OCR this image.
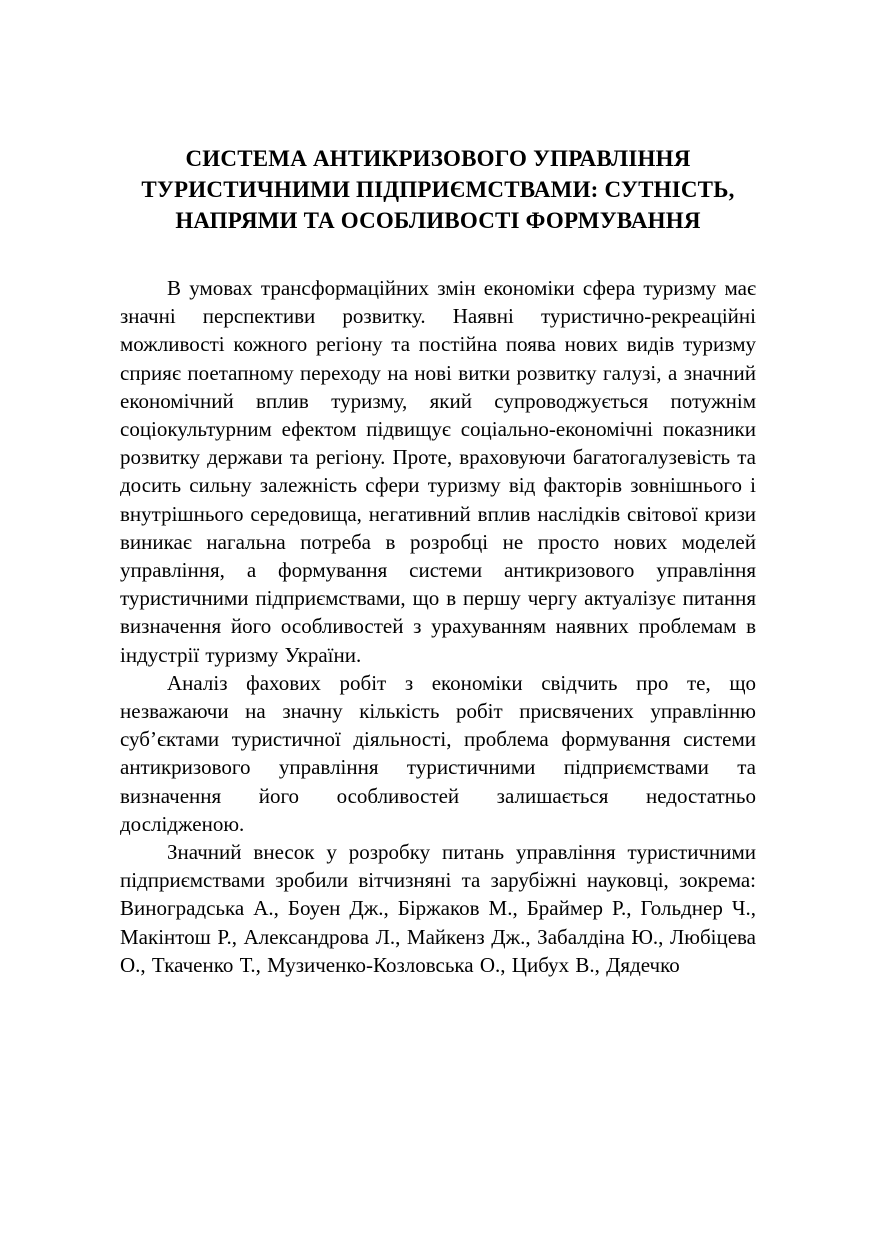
СИСТЕМА АНТИКРИЗОВОГО УПРАВЛІННЯ ТУРИСТИЧНИМИ ПІДПРИЄМСТВАМИ: СУТНІСТЬ, НАПРЯМИ ТА ОСОБЛИВОСТІ ФОРМУВАННЯ

В умовах трансформаційних змін економіки сфера туризму має значні перспективи розвитку. Наявні туристично-рекреаційні можливості кожного регіону та постійна поява нових видів туризму сприяє поетапному переходу на нові витки розвитку галузі, а значний економічний вплив туризму, який супроводжується потужнім соціокультурним ефектом підвищує соціально-економічні показники розвитку держави та регіону. Проте, враховуючи багатогалузевість та досить сильну залежність сфери туризму від факторів зовнішнього і внутрішнього середовища, негативний вплив наслідків світової кризи виникає нагальна потреба в розробці не просто нових моделей управління, а формування системи антикризового управління туристичними підприємствами, що в першу чергу актуалізує питання визначення його особливостей з урахуванням наявних проблемам в індустрії туризму України.

Аналіз фахових робіт з економіки свідчить про те, що незважаючи на значну кількість робіт присвячених управлінню суб’єктами туристичної діяльності, проблема формування системи антикризового управління туристичними підприємствами та визначення його особливостей залишається недостатньо дослідженою.

Значний внесок у розробку питань управління туристичними підприємствами зробили вітчизняні та зарубіжні науковці, зокрема: Виноградська А., Боуен Дж., Біржаков М., Браймер Р., Гольднер Ч., Макінтош Р., Александрова Л., Майкенз Дж., Забалдіна Ю., Любіцева О., Ткаченко Т., Музиченко-Козловська О., Цибух В., Дядечко
